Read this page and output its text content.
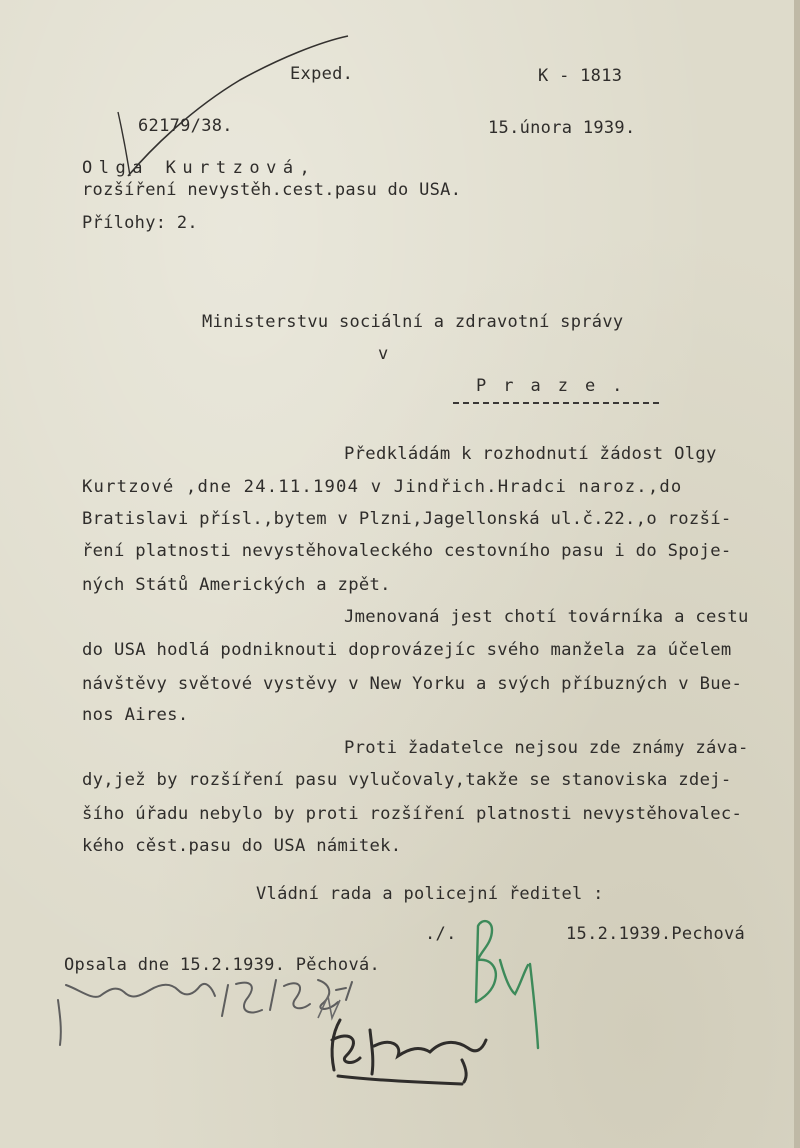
Exped.	K - 1813
62179/38.	15.února 1939.
Olga Kurtzová,
rozšíření nevystěh.cest.pasu do USA.
Přílohy: 2.
Ministerstvu sociální a zdravotní správy
v
Praze.
Předkládám k rozhodnutí žádost Olgy
Kurtzové ,dne 24.11.1904 v Jindřich.Hradci naroz.,do
Bratislavi přísl.,bytem v Plzni,Jagellonská ul.č.22.,o rozší-
ření platnosti nevystěhovaleckého cestovního pasu i do Spoje-
ných Států Amerických a zpět.
Jmenovaná jest chotí továrníka a cestu
do USA hodlá podniknouti doprovázejíc svého manžela za účelem
návštěvy světové vystěvy v New Yorku a svých příbuzných v Bue-
nos Aires.
Proti žadatelce nejsou zde známy záva-
dy,jež by rozšíření pasu vylučovaly,takže se stanoviska zdej-
šího úřadu nebylo by proti rozšíření platnosti nevystěhovalec-
kého cěst.pasu do USA námitek.
Vládní rada a policejní ředitel :
./.	15.2.1939.Pechová
Opsala dne 15.2.1939. Pěchová.
